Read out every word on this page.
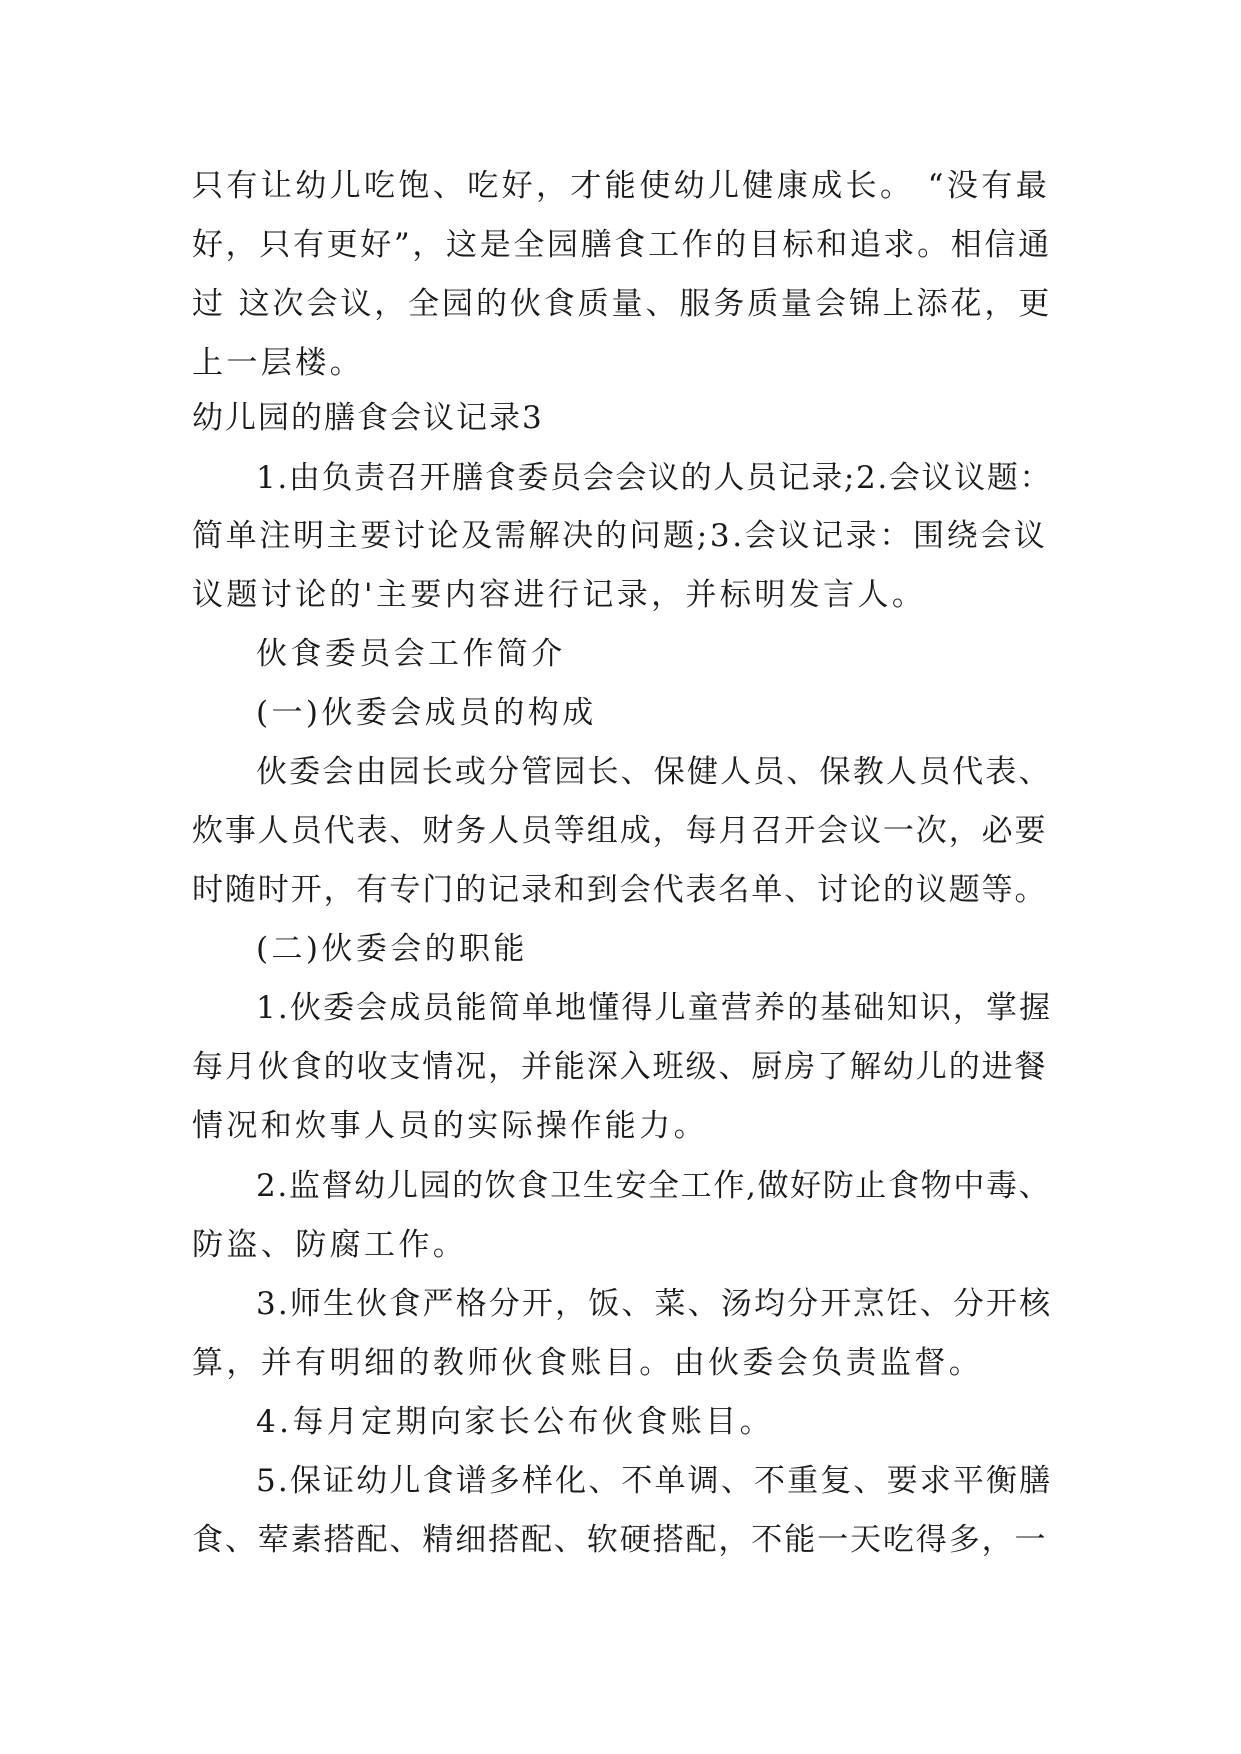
只有让幼儿吃饱、吃好，才能使幼儿健康成长。 “没有最
好，只有更好”，这是全园膳食工作的目标和追求。相信通
过 这次会议，全园的伙食质量、服务质量会锦上添花，更
上一层楼。
幼儿园的膳食会议记录3
1.由负责召开膳食委员会会议的人员记录;2.会议议题：
简单注明主要讨论及需解决的问题;3.会议记录：围绕会议
议题讨论的'主要内容进行记录，并标明发言人。
伙食委员会工作简介
(一)伙委会成员的构成
伙委会由园长或分管园长、保健人员、保教人员代表、
炊事人员代表、财务人员等组成，每月召开会议一次，必要
时随时开，有专门的记录和到会代表名单、讨论的议题等。
(二)伙委会的职能
1.伙委会成员能简单地懂得儿童营养的基础知识，掌握
每月伙食的收支情况，并能深入班级、厨房了解幼儿的进餐
情况和炊事人员的实际操作能力。
2.监督幼儿园的饮食卫生安全工作,做好防止食物中毒、
防盗、防腐工作。
3.师生伙食严格分开，饭、菜、汤均分开烹饪、分开核
算，并有明细的教师伙食账目。由伙委会负责监督。
4.每月定期向家长公布伙食账目。
5.保证幼儿食谱多样化、不单调、不重复、要求平衡膳
食、荤素搭配、精细搭配、软硬搭配，不能一天吃得多，一
